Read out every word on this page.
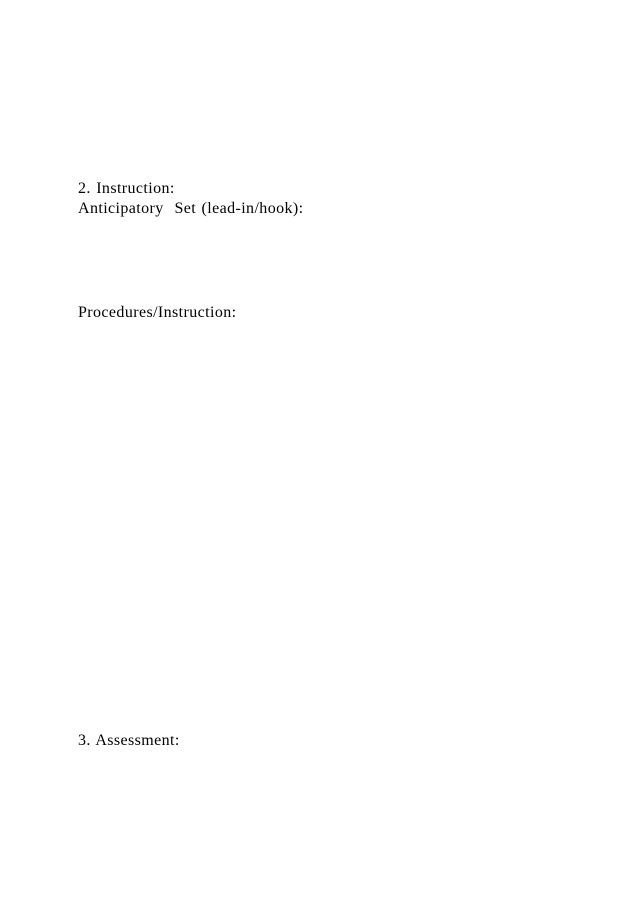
2. Instruction:
Anticipatory  Set (lead-in/hook):
Procedures/Instruction:
3. Assessment:
